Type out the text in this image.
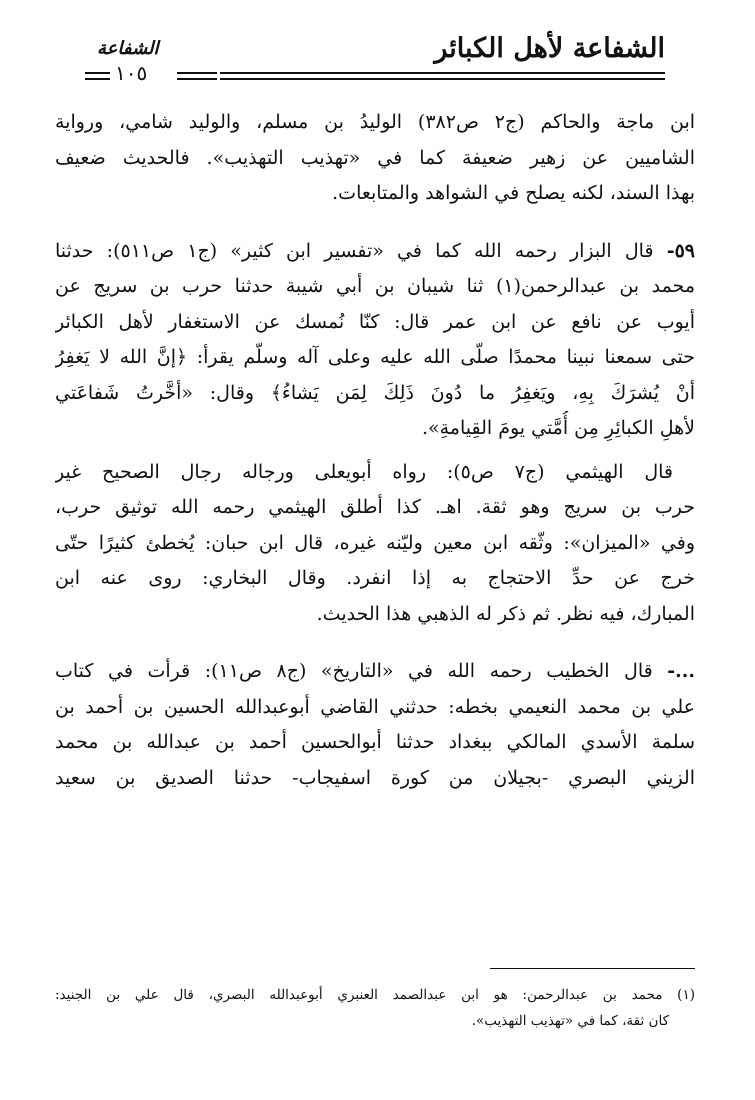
الشفاعة لأهل الكبائر
الشفاعة
١٠٥
ابن ماجة والحاكم (ج٢ ص٣٨٢) الوليدُ بن مسلم، والوليد شامي، ورواية
الشاميين عن زهير ضعيفة كما في «تهذيب التهذيب». فالحديث ضعيف
بهذا السند، لكنه يصلح في الشواهد والمتابعات.
٥٩- قال البزار رحمه الله كما في «تفسير ابن كثير» (ج١ ص٥١١): حدثنا
محمد بن عبدالرحمن(١) ثنا شيبان بن أبي شيبة حدثنا حرب بن سريج عن
أيوب عن نافع عن ابن عمر قال: كنّا نُمسك عن الاستغفار لأهل الكبائر
حتى سمعنا نبينا محمدًا صلّى الله عليه وعلى آله وسلّم يقرأ: ﴿إنَّ الله لا يَغفِرُ
أنْ يُشرَكَ بِهِ، ويَغفِرُ ما دُونَ ذَلِكَ لِمَن يَشاءُ﴾ وقال: «أخَّرتُ شَفاعَتي
لأهلِ الكبائِرِ مِن أُمَّتي يومَ القِيامةِ».
قال الهيثمي (ج٧ ص٥): رواه أبويعلى ورجاله رجال الصحيح غير
حرب بن سريج وهو ثقة. اهـ. كذا أطلق الهيثمي رحمه الله توثيق حرب،
وفي «الميزان»: وثّقه ابن معين وليّنه غيره، قال ابن حبان: يُخطئ كثيرًا حتّى
خرج عن حدِّ الاحتجاج به إذا انفرد. وقال البخاري: روى عنه ابن
المبارك، فيه نظر. ثم ذكر له الذهبي هذا الحديث.
...- قال الخطيب رحمه الله في «التاريخ» (ج٨ ص١١): قرأت في كتاب
علي بن محمد النعيمي بخطه: حدثني القاضي أبوعبدالله الحسين بن أحمد بن
سلمة الأسدي المالكي ببغداد حدثنا أبوالحسين أحمد بن عبدالله بن محمد
الزيني البصري -بجيلان من كورة اسفيجاب- حدثنا الصديق بن سعيد
(١) محمد بن عبدالرحمن: هو ابن عبدالصمد العنبري أبوعبدالله البصري، قال علي بن الجنيد:
كان ثقة، كما في «تهذيب التهذيب».
